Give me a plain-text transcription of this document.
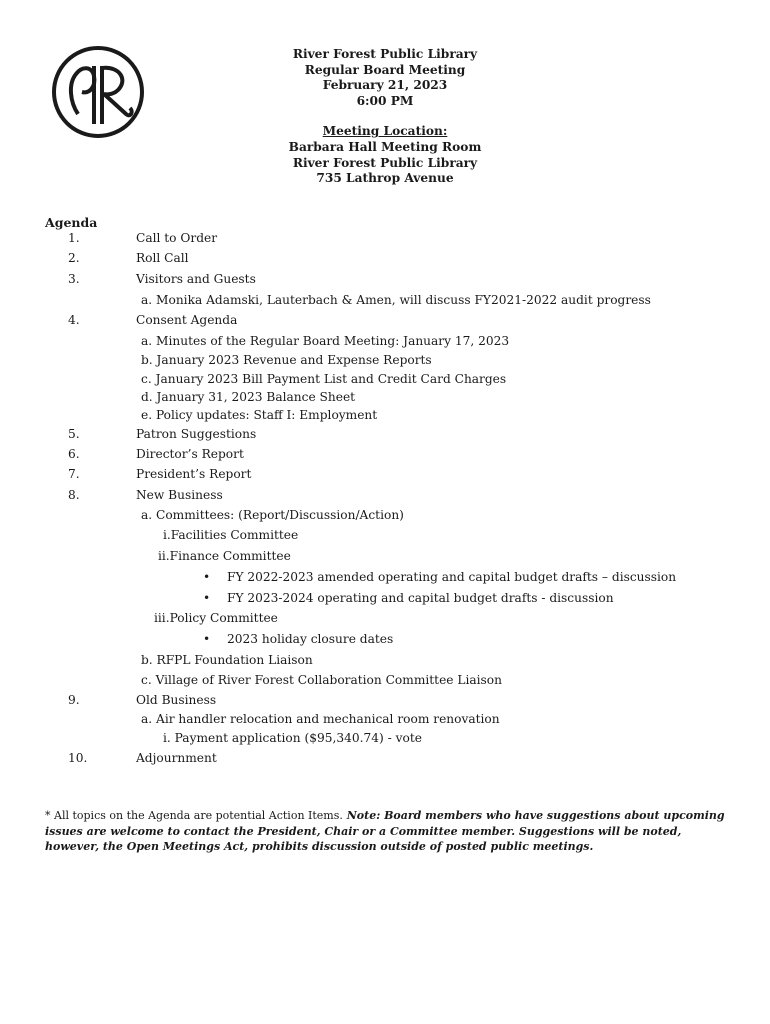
River Forest Public Library
Regular Board Meeting
February 21, 2023
6:00 PM
Meeting Location:
Barbara Hall Meeting Room
River Forest Public Library
735 Lathrop Avenue
Agenda
1.	Call to Order
2.	Roll Call
3.	Visitors and Guests
a. Monika Adamski, Lauterbach & Amen, will discuss FY2021-2022 audit progress
4.	Consent Agenda
a. Minutes of the Regular Board Meeting: January 17, 2023
b. January 2023 Revenue and Expense Reports
c. January 2023 Bill Payment List and Credit Card Charges
d. January 31, 2023 Balance Sheet
e. Policy updates: Staff I: Employment
5.	Patron Suggestions
6.	Director’s Report
7.	President’s Report
8.	New Business
a. Committees: (Report/Discussion/Action)
i.Facilities Committee
ii.Finance Committee
• FY 2022-2023 amended operating and capital budget drafts – discussion
• FY 2023-2024 operating and capital budget drafts - discussion
iii.Policy Committee
• 2023 holiday closure dates
b. RFPL Foundation Liaison
c. Village of River Forest Collaboration Committee Liaison
9.	Old Business
a. Air handler relocation and mechanical room renovation
i. Payment application ($95,340.74) - vote
10.	Adjournment
* All topics on the Agenda are potential Action Items. Note: Board members who have suggestions about upcoming issues are welcome to contact the President, Chair or a Committee member. Suggestions will be noted, however, the Open Meetings Act, prohibits discussion outside of posted public meetings.
